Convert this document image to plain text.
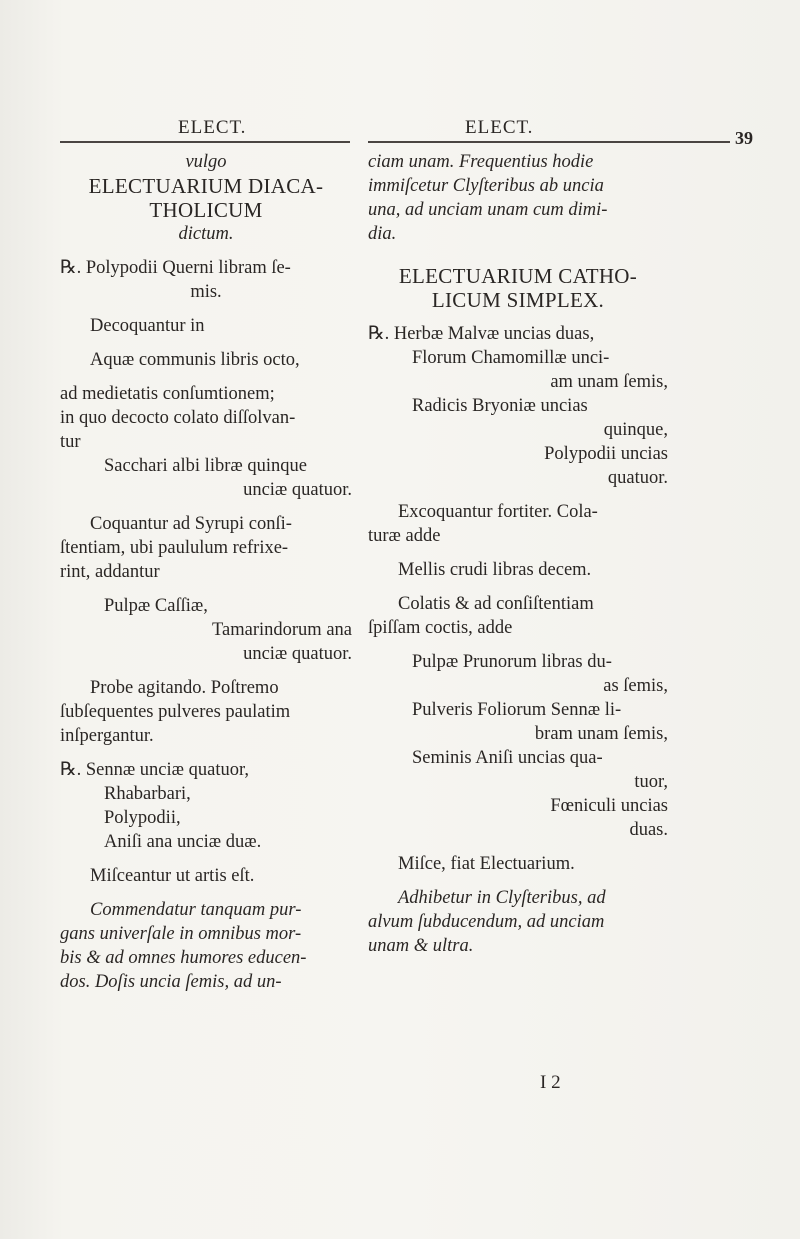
ELECT.	ELECT.	39
vulgo
ELECTUARIUM DIACA-
THOLICUM
dictum.
℞. Polypodii Querni libram ſe-
mis.
Decoquantur in
Aquæ communis libris octo,
ad medietatis conſumtionem;
in quo decocto colato diſſolvan-
tur
Sacchari albi libræ quinque
unciæ quatuor.
Coquantur ad Syrupi conſi-
ſtentiam, ubi paululum refrixe-
rint, addantur
Pulpæ Caſſiæ,
Tamarindorum ana
unciæ quatuor.
Probe agitando. Poſtremo
ſubſequentes pulveres paulatim
inſpergantur.
℞. Sennæ unciæ quatuor,
Rhabarbari,
Polypodii,
Aniſi ana unciæ duæ.
Miſceantur ut artis eſt.
Commendatur tanquam pur-
gans univerſale in omnibus mor-
bis & ad omnes humores educen-
dos. Doſis uncia ſemis, ad un-
ciam unam. Frequentius hodie
immiſcetur Clyſteribus ab uncia
una, ad unciam unam cum dimi-
dia.
ELECTUARIUM CATHO-
LICUM SIMPLEX.
℞. Herbæ Malvæ uncias duas,
Florum Chamomillæ unci-
am unam ſemis,
Radicis Bryoniæ uncias
quinque,
Polypodii uncias
quatuor.
Excoquantur fortiter. Cola-
turæ adde
Mellis crudi libras decem.
Colatis & ad conſiſtentiam
ſpiſſam coctis, adde
Pulpæ Prunorum libras du-
as ſemis,
Pulveris Foliorum Sennæ li-
bram unam ſemis,
Seminis Aniſi uncias qua-
tuor,
Fœniculi uncias
duas.
Miſce, fiat Electuarium.
Adhibetur in Clyſteribus, ad
alvum ſubducendum, ad unciam
unam & ultra.
I 2
